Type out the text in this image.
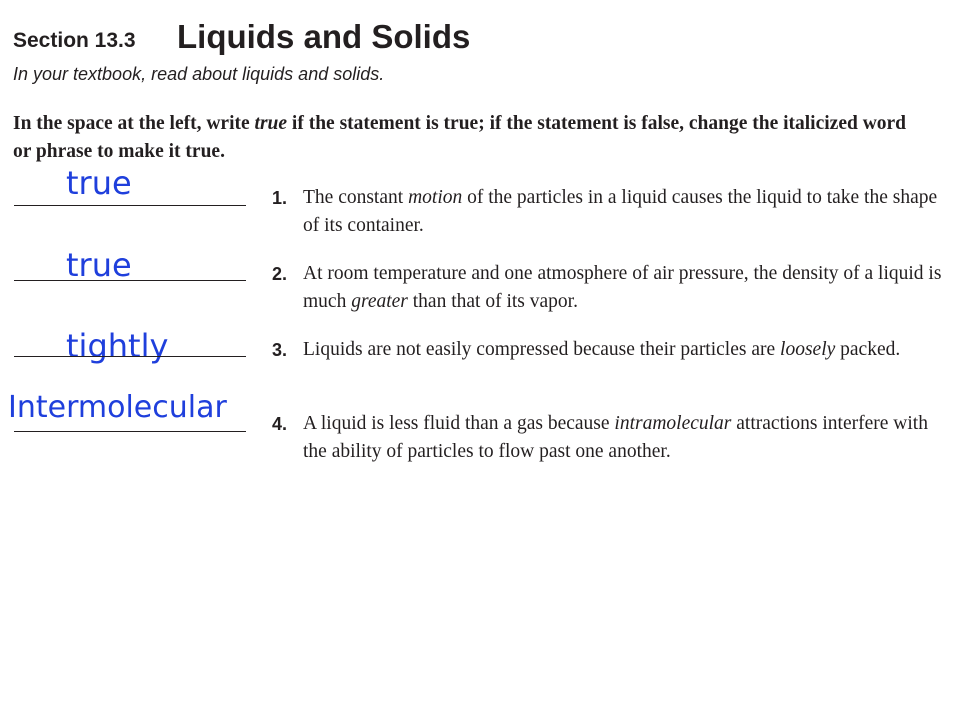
Section 13.3 Liquids and Solids
In your textbook, read about liquids and solids.
In the space at the left, write true if the statement is true; if the statement is false, change the italicized word or phrase to make it true.
true	1. The constant motion of the particles in a liquid causes the liquid to take the shape of its container.
true	2. At room temperature and one atmosphere of air pressure, the density of a liquid is much greater than that of its vapor.
tightly	3. Liquids are not easily compressed because their particles are loosely packed.
Intermolecular	4. A liquid is less fluid than a gas because intramolecular attractions interfere with the ability of particles to flow past one another.
